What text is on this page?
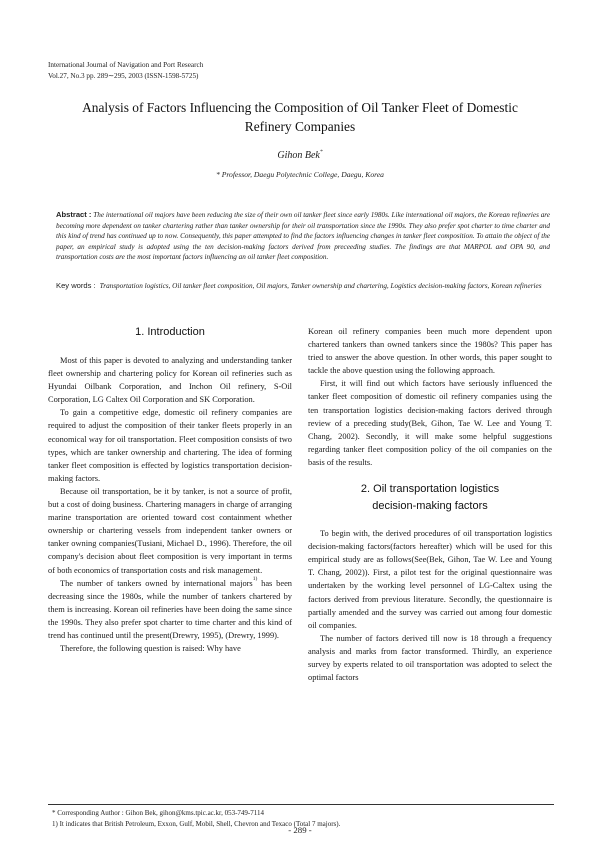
International Journal of Navigation and Port Research
Vol.27, No.3 pp. 289∼295, 2003 (ISSN-1598-5725)
Analysis of Factors Influencing the Composition of Oil Tanker Fleet of Domestic
Refinery Companies
Gihon Bek*
* Professor, Daegu Polytechnic College, Daegu, Korea
Abstract : The international oil majors have been reducing the size of their own oil tanker fleet since early 1980s. Like international oil majors, the Korean refineries are becoming more dependent on tanker chartering rather than tanker ownership for their oil transportation since the 1990s. They also prefer spot charter to time charter and this kind of trend has continued up to now. Consequently, this paper attempted to find the factors influencing changes in tanker fleet composition. To attain the object of the paper, an empirical study is adopted using the ten decision-making factors derived from preceeding studies. The findings are that MARPOL and OPA 90, and transportation costs are the most important factors influencing an oil tanker fleet composition.
Key words : Transportation logistics, Oil tanker fleet composition, Oil majors, Tanker ownership and chartering, Logistics decision-making factors, Korean refineries
1. Introduction

Most of this paper is devoted to analyzing and understanding tanker fleet ownership and chartering policy for Korean oil refineries such as Hyundai Oilbank Corporation, and Inchon Oil refinery, S-Oil Corporation, LG Caltex Oil Corporation and SK Corporation.

To gain a competitive edge, domestic oil refinery companies are required to adjust the composition of their tanker fleets properly in an economical way for oil transportation. Fleet composition consists of two types, which are tanker ownership and chartering. The idea of forming tanker fleet composition is effected by logistics transportation decision-making factors.

Because oil transportation, be it by tanker, is not a source of profit, but a cost of doing business. Chartering managers in charge of arranging marine transportation are oriented toward cost containment whether ownership or chartering vessels from independent tanker owners or tanker owning companies(Tusiani, Michael D., 1996). Therefore, the oil company's decision about fleet composition is very important in terms of both economics of transportation costs and risk management.

The number of tankers owned by international majors$^{1)}$ has been decreasing since the 1980s, while the number of tankers chartered by them is increasing. Korean oil refineries have been doing the same since the 1990s. They also prefer spot charter to time charter and this kind of trend has continued until the present(Drewry, 1995), (Drewry, 1999).

Therefore, the following question is raised: Why have

Korean oil refinery companies been much more dependent upon chartered tankers than owned tankers since the 1980s? This paper has tried to answer the above question. In other words, this paper sought to tackle the above question using the following approach.

First, it will find out which factors have seriously influenced the tanker fleet composition of domestic oil refinery companies using the ten transportation logistics decision-making factors derived through review of a preceding study(Bek, Gihon, Tae W. Lee and Young T. Chang, 2002). Secondly, it will make some helpful suggestions regarding tanker fleet composition policy of the oil companies on the basis of the results.

2. Oil transportation logistics
decision-making factors

To begin with, the derived procedures of oil transportation logistics decision-making factors(factors hereafter) which will be used for this empirical study are as follows(See(Bek, Gihon, Tae W. Lee and Young T. Chang, 2002)). First, a pilot test for the original questionnaire was undertaken by the working level personnel of LG-Caltex using the factors derived from previous literature. Secondly, the questionnaire is partially amended and the survey was carried out among four domestic oil companies.

The number of factors derived till now is 18 through a frequency analysis and marks from factor transformed. Thirdly, an experience survey by experts related to oil transportation was adopted to select the optimal factors

* Corresponding Author : Gihon Bek, gihon@kms.tpic.ac.kr, 053-749-7114
1) It indicates that British Petroleum, Exxon, Gulf, Mobil, Shell, Chevron and Texaco (Total 7 majors).
- 289 -
